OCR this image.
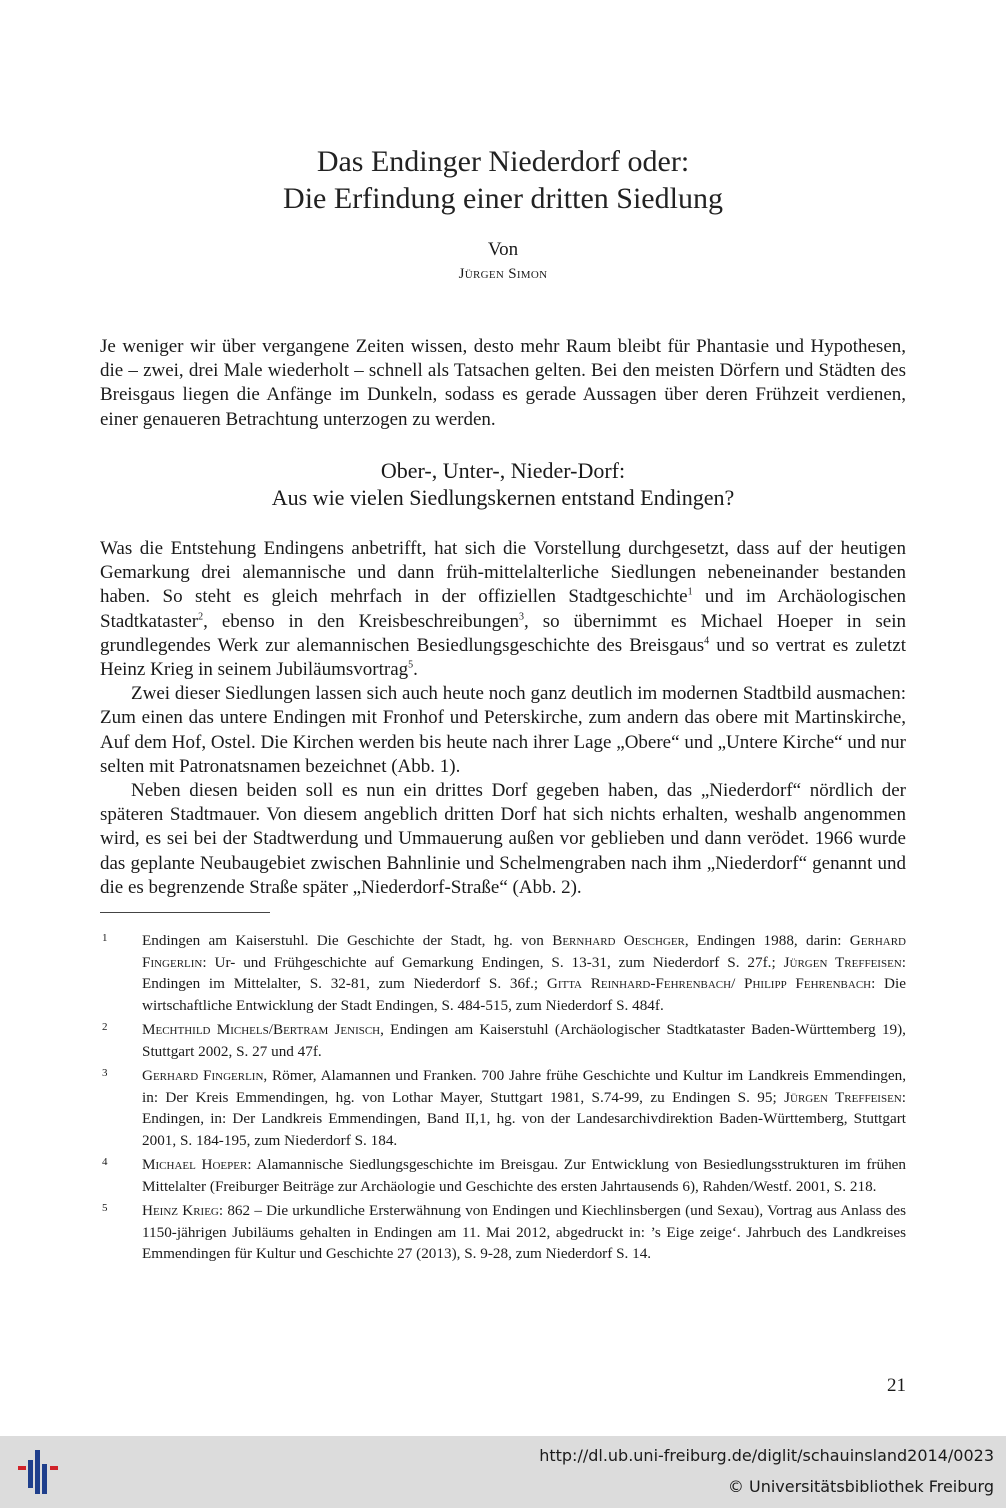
Das Endinger Niederdorf oder:
Die Erfindung einer dritten Siedlung
Von
Jürgen Simon
Je weniger wir über vergangene Zeiten wissen, desto mehr Raum bleibt für Phantasie und Hypothesen, die – zwei, drei Male wiederholt – schnell als Tatsachen gelten. Bei den meisten Dörfern und Städten des Breisgaus liegen die Anfänge im Dunkeln, sodass es gerade Aussagen über deren Frühzeit verdienen, einer genaueren Betrachtung unterzogen zu werden.
Ober-, Unter-, Nieder-Dorf:
Aus wie vielen Siedlungskernen entstand Endingen?

Was die Entstehung Endingens anbetrifft, hat sich die Vorstellung durchgesetzt, dass auf der heutigen Gemarkung drei alemannische und dann früh-mittelalterliche Siedlungen nebeneinander bestanden haben. So steht es gleich mehrfach in der offiziellen Stadtgeschichte$^1$ und im Archäologischen Stadtkataster$^2$, ebenso in den Kreisbeschreibungen$^3$, so übernimmt es Michael Hoeper in sein grundlegendes Werk zur alemannischen Besiedlungsgeschichte des Breisgaus$^4$ und so vertrat es zuletzt Heinz Krieg in seinem Jubiläumsvortrag$^5$.

Zwei dieser Siedlungen lassen sich auch heute noch ganz deutlich im modernen Stadtbild ausmachen: Zum einen das untere Endingen mit Fronhof und Peterskirche, zum andern das obere mit Martinskirche, Auf dem Hof, Ostel. Die Kirchen werden bis heute nach ihrer Lage „Obere“ und „Untere Kirche“ und nur selten mit Patronatsnamen bezeichnet (Abb. 1).

Neben diesen beiden soll es nun ein drittes Dorf gegeben haben, das „Niederdorf“ nördlich der späteren Stadtmauer. Von diesem angeblich dritten Dorf hat sich nichts erhalten, weshalb angenommen wird, es sei bei der Stadtwerdung und Ummauerung außen vor geblieben und dann verödet. 1966 wurde das geplante Neubaugebiet zwischen Bahnlinie und Schelmengraben nach ihm „Niederdorf“ genannt und die es begrenzende Straße später „Niederdorf-Straße“ (Abb. 2).

1 Endingen am Kaiserstuhl. Die Geschichte der Stadt, hg. von Bernhard Oeschger, Endingen 1988, darin: Gerhard Fingerlin: Ur- und Frühgeschichte auf Gemarkung Endingen, S. 13-31, zum Niederdorf S. 27f.; Jürgen Treffeisen: Endingen im Mittelalter, S. 32-81, zum Niederdorf S. 36f.; Gitta Reinhard-Fehrenbach/ Philipp Fehrenbach: Die wirtschaftliche Entwicklung der Stadt Endingen, S. 484-515, zum Niederdorf S. 484f.
2 Mechthild Michels/Bertram Jenisch, Endingen am Kaiserstuhl (Archäologischer Stadtkataster Baden-Württemberg 19), Stuttgart 2002, S. 27 und 47f.
3 Gerhard Fingerlin, Römer, Alamannen und Franken. 700 Jahre frühe Geschichte und Kultur im Landkreis Emmendingen, in: Der Kreis Emmendingen, hg. von Lothar Mayer, Stuttgart 1981, S.74-99, zu Endingen S. 95; Jürgen Treffeisen: Endingen, in: Der Landkreis Emmendingen, Band II,1, hg. von der Landesarchivdirektion Baden-Württemberg, Stuttgart 2001, S. 184-195, zum Niederdorf S. 184.
4 Michael Hoeper: Alamannische Siedlungsgeschichte im Breisgau. Zur Entwicklung von Besiedlungsstrukturen im frühen Mittelalter (Freiburger Beiträge zur Archäologie und Geschichte des ersten Jahrtausends 6), Rahden/Westf. 2001, S. 218.
5 Heinz Krieg: 862 – Die urkundliche Ersterwähnung von Endingen und Kiechlinsbergen (und Sexau), Vortrag aus Anlass des 1150-jährigen Jubiläums gehalten in Endingen am 11. Mai 2012, abgedruckt in: ’s Eige zeige‘. Jahrbuch des Landkreises Emmendingen für Kultur und Geschichte 27 (2013), S. 9-28, zum Niederdorf S. 14.
21
http://dl.ub.uni-freiburg.de/diglit/schauinsland2014/0023
© Universitätsbibliothek Freiburg
